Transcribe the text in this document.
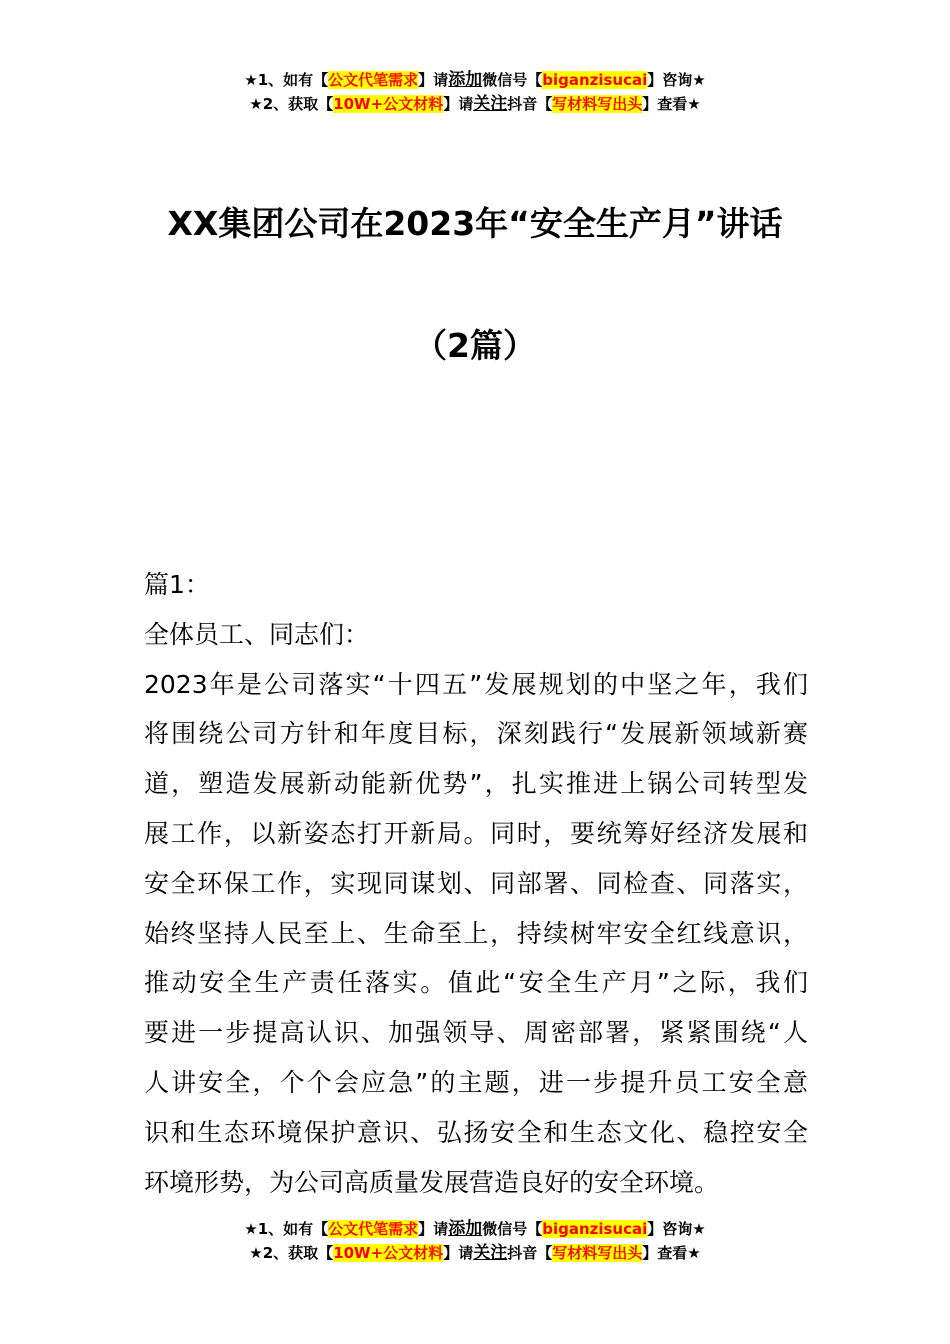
★1、如有【公文代笔需求】请添加微信号【biganzisucai】咨询★
★2、获取【10W+公文材料】请关注抖音【写材料写出头】查看★
XX集团公司在2023年“安全生产月”讲话
（2篇）
篇1：
全体员工、同志们：
2023年是公司落实“十四五”发展规划的中坚之年，我们
将围绕公司方针和年度目标，深刻践行“发展新领域新赛
道，塑造发展新动能新优势”，扎实推进上锅公司转型发
展工作，以新姿态打开新局。同时，要统筹好经济发展和
安全环保工作，实现同谋划、同部署、同检查、同落实，
始终坚持人民至上、生命至上，持续树牢安全红线意识，
推动安全生产责任落实。值此“安全生产月”之际，我们
要进一步提高认识、加强领导、周密部署，紧紧围绕“人
人讲安全，个个会应急”的主题，进一步提升员工安全意
识和生态环境保护意识、弘扬安全和生态文化、稳控安全
环境形势，为公司高质量发展营造良好的安全环境。
★1、如有【公文代笔需求】请添加微信号【biganzisucai】咨询★
★2、获取【10W+公文材料】请关注抖音【写材料写出头】查看★
